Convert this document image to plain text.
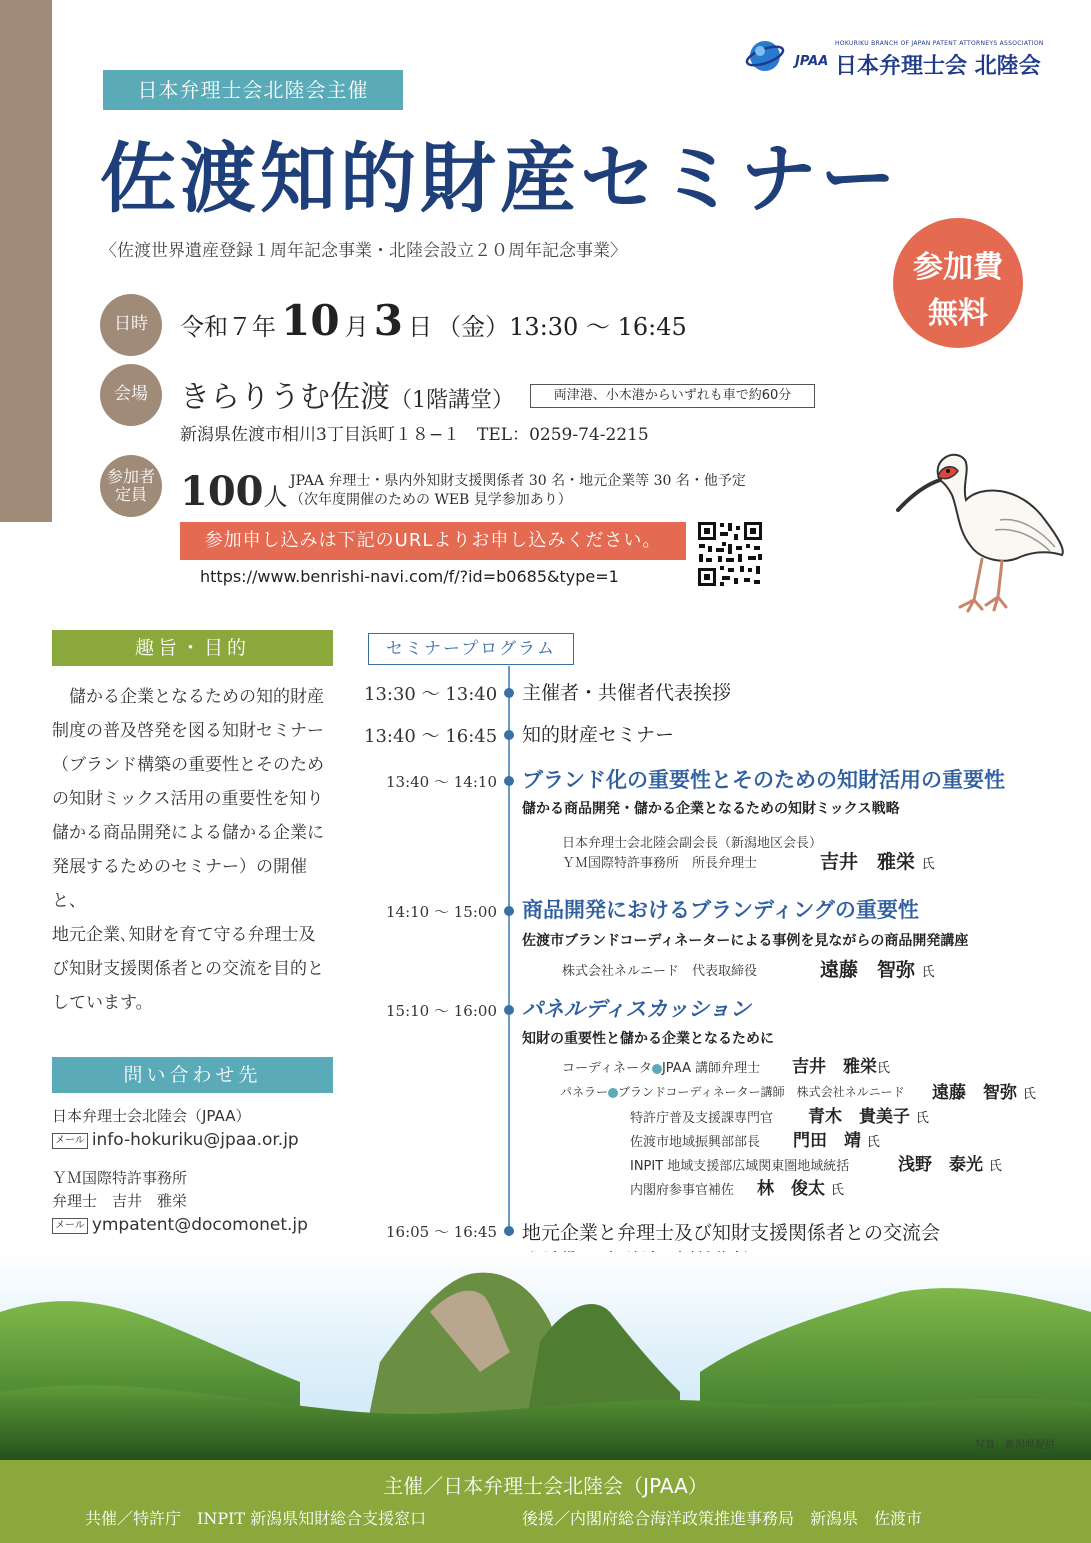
日本弁理士会北陸会主催
JPAA
HOKURIKU BRANCH OF JAPAN PATENT ATTORNEYS ASSOCIATION
日本弁理士会 北陸会
佐渡知的財産セミナー
〈佐渡世界遺産登録１周年記念事業・北陸会設立２０周年記念事業〉	参加費
無料
日時	令和７年 10 月 3 日 （金）13:30 〜 16:45
会場	きらりうむ佐渡（1階講堂）	両津港、小木港からいずれも車で約60分
新潟県佐渡市相川3丁目浜町１８−１　TEL：0259-74-2215
参加者
定員 100人
JPAA 弁理士・県内外知財支援関係者 30 名・地元企業等 30 名・他予定
（次年度開催のための WEB 見学参加あり）
参加申し込みは下記のURLよりお申し込みください。
https://www.benrishi-navi.com/f/?id=b0685&type=1
趣旨・目的
　儲かる企業となるための知的財産
制度の普及啓発を図る知財セミナー
（ブランド構築の重要性とそのため
の知財ミックス活用の重要性を知り
儲かる商品開発による儲かる企業に
発展するためのセミナー）の開催と、
地元企業､知財を育て守る弁理士及
び知財支援関係者との交流を目的と
しています。
問い合わせ先
日本弁理士会北陸会（JPAA）
メール info-hokuriku@jpaa.or.jp
ＹＭ国際特許事務所
弁理士　吉井　雅栄
メール ympatent@docomonet.jp
セミナープログラム
13:30 〜 13:40 主催者・共催者代表挨拶
13:40 〜 16:45 知的財産セミナー
13:40 〜 14:10 ブランド化の重要性とそのための知財活用の重要性
儲かる商品開発・儲かる企業となるための知財ミックス戦略
日本弁理士会北陸会副会長（新潟地区会長）
ＹＭ国際特許事務所　所長弁理士	吉井　雅栄 氏
14:10 〜 15:00 商品開発におけるブランディングの重要性
佐渡市ブランドコーディネーターによる事例を見ながらの商品開発講座
株式会社ネルニード　代表取締役	遠藤　智弥 氏
15:10 〜 16:00 パネルディスカッション
知財の重要性と儲かる企業となるために
コーディネータ JPAA 講師弁理士 吉井　雅栄氏
パネラー ブランドコーディネーター講師　株式会社ネルニード 遠藤　智弥 氏
特許庁普及支援課専門官 青木　貴美子 氏
佐渡市地域振興部部長 門田　靖 氏
INPIT 地域支援部広域関東圏地域統括	浅野　泰光 氏
内閣府参事官補佐 林　俊太 氏
16:05 〜 16:45 地元企業と弁理士及び知財支援関係者との交流会
写真：新潟県提供
主催／日本弁理士会北陸会（JPAA）
共催／特許庁　INPIT 新潟県知財総合支援窓口	後援／内閣府総合海洋政策推進事務局　新潟県　佐渡市
